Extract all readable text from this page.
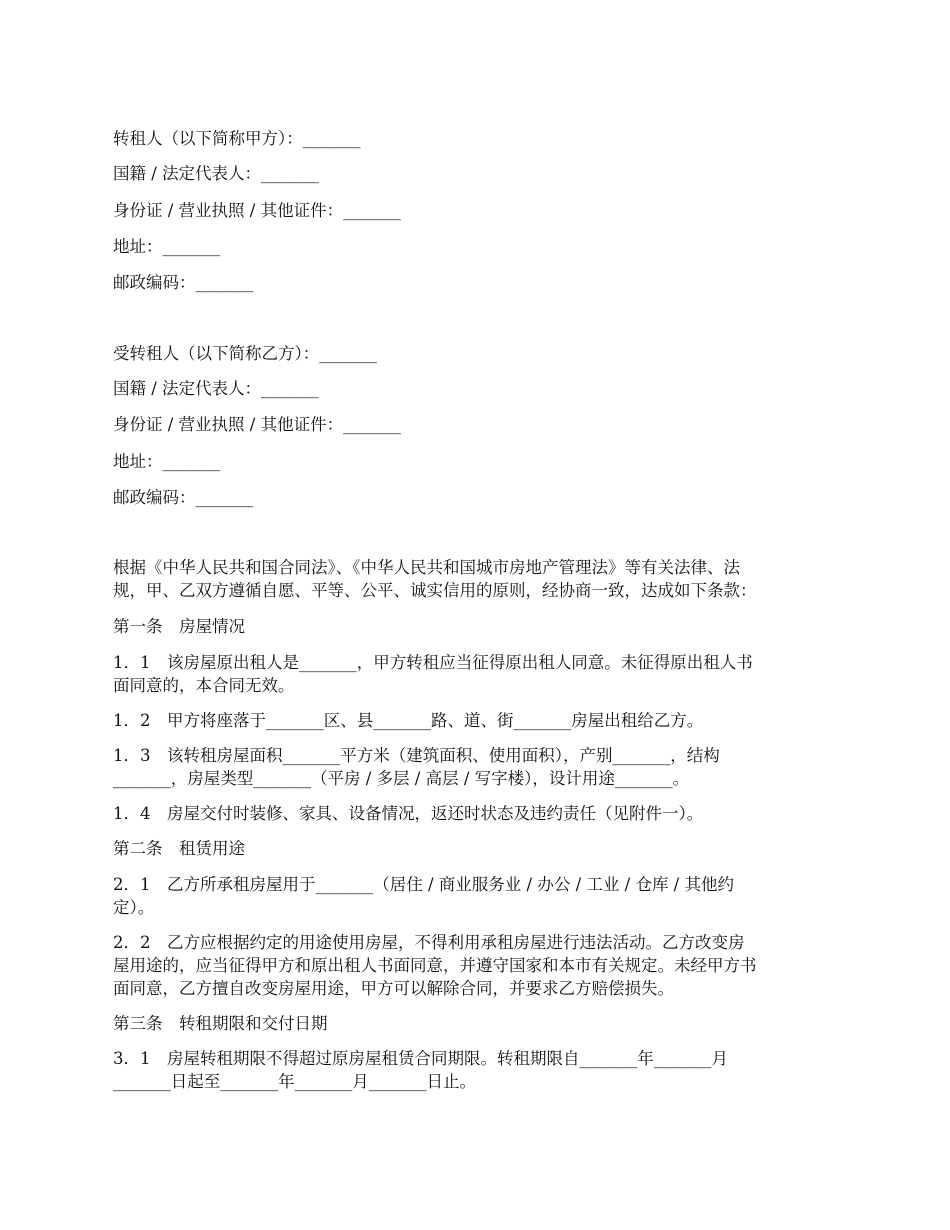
转租人（以下简称甲方）：_______
国籍 / 法定代表人：_______
身份证 / 营业执照 / 其他证件：_______
地址：_______
邮政编码：_______
受转租人（以下简称乙方）：_______
国籍 / 法定代表人：_______
身份证 / 营业执照 / 其他证件：_______
地址：_______
邮政编码：_______
根据《中华人民共和国合同法》、《中华人民共和国城市房地产管理法》等有关法律、法
规，甲、乙双方遵循自愿、平等、公平、诚实信用的原则，经协商一致，达成如下条款：
第一条　房屋情况
1．1　该房屋原出租人是_______，甲方转租应当征得原出租人同意。未征得原出租人书
面同意的，本合同无效。
1．2　甲方将座落于_______区、县_______路、道、街_______房屋出租给乙方。
1．3　该转租房屋面积_______平方米（建筑面积、使用面积），产别_______，结构
_______，房屋类型_______（平房 / 多层 / 高层 / 写字楼），设计用途_______。
1．4　房屋交付时装修、家具、设备情况，返还时状态及违约责任（见附件一）。
第二条　租赁用途
2．1　乙方所承租房屋用于_______（居住 / 商业服务业 / 办公 / 工业 / 仓库 / 其他约
定）。
2．2　乙方应根据约定的用途使用房屋，不得利用承租房屋进行违法活动。乙方改变房
屋用途的，应当征得甲方和原出租人书面同意，并遵守国家和本市有关规定。未经甲方书
面同意，乙方擅自改变房屋用途，甲方可以解除合同，并要求乙方赔偿损失。
第三条　转租期限和交付日期
3．1　房屋转租期限不得超过原房屋租赁合同期限。转租期限自_______年_______月
_______日起至_______年_______月_______日止。
